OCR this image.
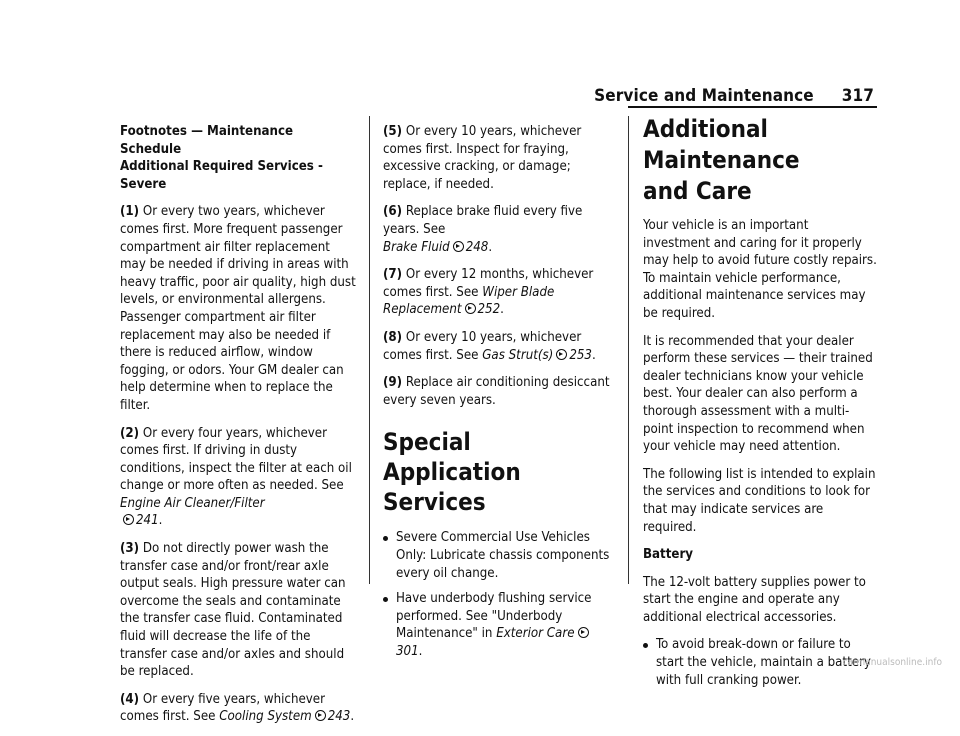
Service and Maintenance 317

Footnotes — Maintenance Schedule
Additional Required Services - Severe

(1) Or every two years, whichever comes first. More frequent passenger compartment air filter replacement may be needed if driving in areas with heavy traffic, poor air quality, high dust levels, or environmental allergens. Passenger compartment air filter replacement may also be needed if there is reduced airflow, window fogging, or odors. Your GM dealer can help determine when to replace the filter.

(2) Or every four years, whichever comes first. If driving in dusty conditions, inspect the filter at each oil change or more often as needed. See Engine Air Cleaner/Filter
241.

(3) Do not directly power wash the transfer case and/or front/rear axle output seals. High pressure water can overcome the seals and contaminate the transfer case fluid. Contaminated fluid will decrease the life of the transfer case and/or axles and should be replaced.

(4) Or every five years, whichever comes first. See Cooling System 243.

(5) Or every 10 years, whichever comes first. Inspect for fraying, excessive cracking, or damage; replace, if needed.

(6) Replace brake fluid every five years. See
Brake Fluid 248.

(7) Or every 12 months, whichever comes first. See Wiper Blade Replacement 252.

(8) Or every 10 years, whichever comes first. See Gas Strut(s) 253.

(9) Replace air conditioning desiccant every seven years.

Special Application Services
Severe Commercial Use Vehicles Only: Lubricate chassis components every oil change.
Have underbody flushing service performed. See "Underbody Maintenance" in Exterior Care301.
Additional Maintenance
and Care

Your vehicle is an important investment and caring for it properly may help to avoid future costly repairs. To maintain vehicle performance, additional maintenance services may be required.

It is recommended that your dealer perform these services — their trained dealer technicians know your vehicle best. Your dealer can also perform a thorough assessment with a multi-point inspection to recommend when your vehicle may need attention.

The following list is intended to explain the services and conditions to look for that may indicate services are required.

Battery

The 12-volt battery supplies power to start the engine and operate any additional electrical accessories.

To avoid break-down or failure to start the vehicle, maintain a battery with full cranking power.
carmanualsonline.info
